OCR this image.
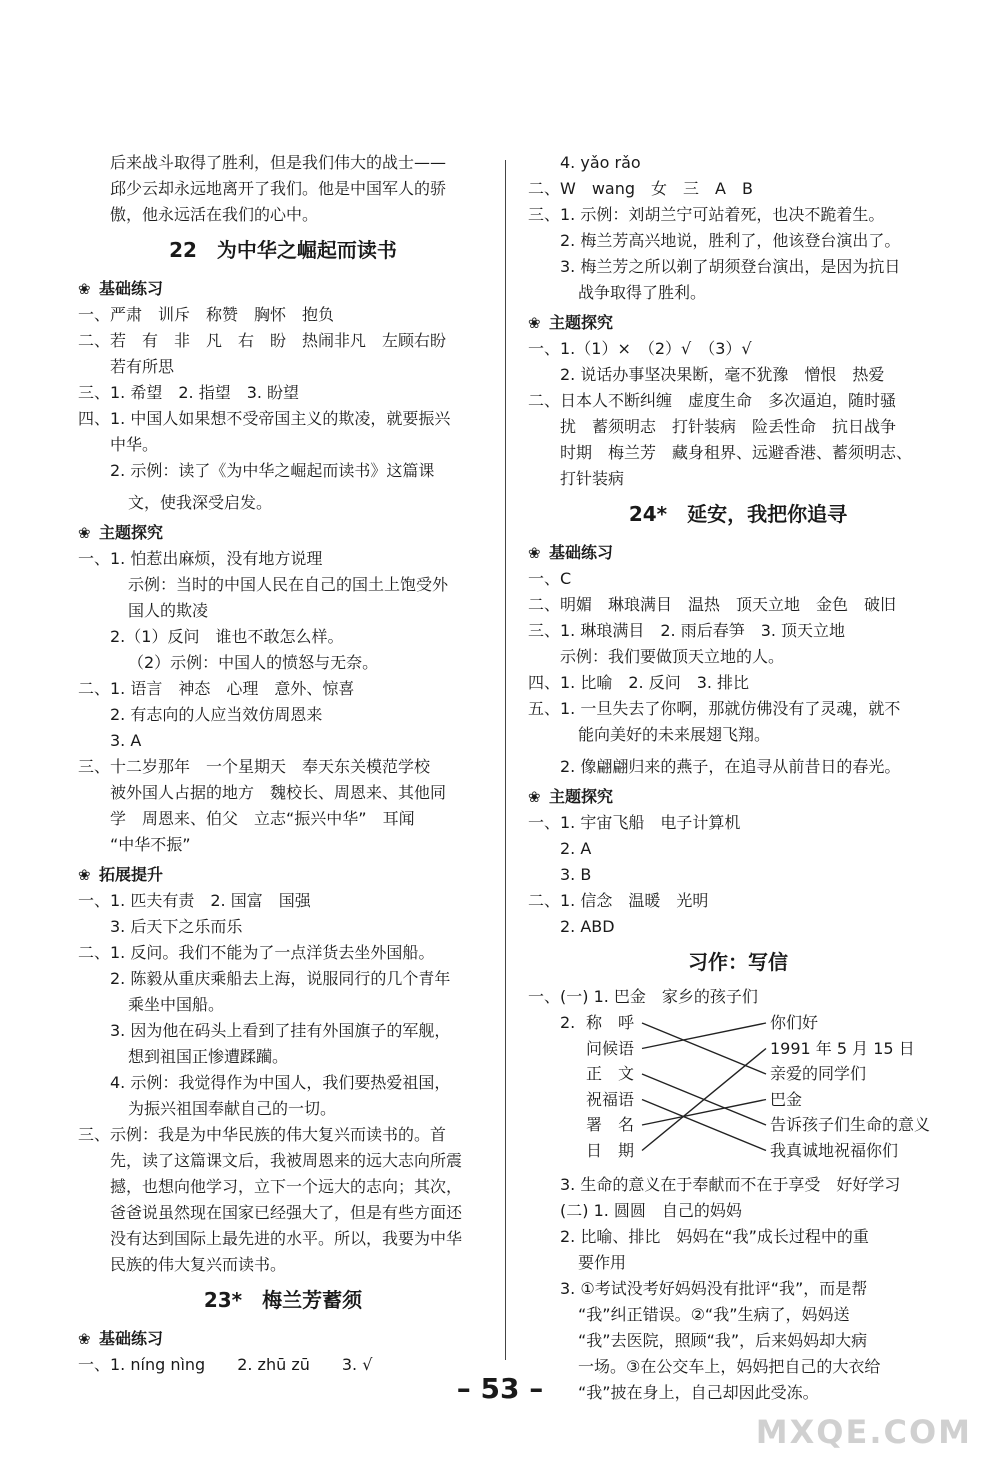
后来战斗取得了胜利，但是我们伟大的战士——
邱少云却永远地离开了我们。他是中国军人的骄
傲，他永远活在我们的心中。
22　为中华之崛起而读书
❀ 基础练习
一、严肃　训斥　称赞　胸怀　抱负
二、若　有　非　凡　右　盼　热闹非凡　左顾右盼
若有所思
三、1. 希望　2. 指望　3. 盼望
四、1. 中国人如果想不受帝国主义的欺凌，就要振兴
中华。
2. 示例：读了《为中华之崛起而读书》这篇课
文，使我深受启发。
❀ 主题探究
一、1. 怕惹出麻烦，没有地方说理
示例：当时的中国人民在自己的国土上饱受外
国人的欺凌
2.（1）反问　谁也不敢怎么样。
（2）示例：中国人的愤怒与无奈。
二、1. 语言　神态　心理　意外、惊喜
2. 有志向的人应当效仿周恩来
3. A
三、十二岁那年　一个星期天　奉天东关模范学校
被外国人占据的地方　魏校长、周恩来、其他同
学　周恩来、伯父　立志“振兴中华”　耳闻
“中华不振”
❀ 拓展提升
一、1. 匹夫有责　2. 国富　国强
3. 后天下之乐而乐
二、1. 反问。我们不能为了一点洋货去坐外国船。
2. 陈毅从重庆乘船去上海，说服同行的几个青年
乘坐中国船。
3. 因为他在码头上看到了挂有外国旗子的军舰，
想到祖国正惨遭蹂躏。
4. 示例：我觉得作为中国人，我们要热爱祖国，
为振兴祖国奉献自己的一切。
三、示例：我是为中华民族的伟大复兴而读书的。首
先，读了这篇课文后，我被周恩来的远大志向所震
撼，也想向他学习，立下一个远大的志向；其次，
爸爸说虽然现在国家已经强大了，但是有些方面还
没有达到国际上最先进的水平。所以，我要为中华
民族的伟大复兴而读书。
23*　梅兰芳蓄须
❀ 基础练习
一、1. níng nìng　　2. zhū zū　　3. √
4. yǎo rǎo
二、W　wang　女　三　A　B
三、1. 示例：刘胡兰宁可站着死，也决不跪着生。
2. 梅兰芳高兴地说，胜利了，他该登台演出了。
3. 梅兰芳之所以剃了胡须登台演出，是因为抗日
战争取得了胜利。
❀ 主题探究
一、1.（1）×　（2）√　（3）√
2. 说话办事坚决果断，毫不犹豫　憎恨　热爱
二、日本人不断纠缠　虚度生命　多次逼迫，随时骚
扰　蓄须明志　打针装病　险丢性命　抗日战争
时期　梅兰芳　藏身租界、远避香港、蓄须明志、
打针装病
24*　延安，我把你追寻
❀ 基础练习
一、C
二、明媚　琳琅满目　温热　顶天立地　金色　破旧
三、1. 琳琅满目　2. 雨后春笋　3. 顶天立地
示例：我们要做顶天立地的人。
四、1. 比喻　2. 反问　3. 排比
五、1. 一旦失去了你啊，那就仿佛没有了灵魂，就不
能向美好的未来展翅飞翔。
2. 像翩翩归来的燕子，在追寻从前昔日的春光。
❀ 主题探究
一、1. 宇宙飞船　电子计算机
2. A
3. B
二、1. 信念　温暖　光明
2. ABD
习作：写信
一、(一) 1. 巴金　家乡的孩子们
2. 称　呼
问候语
正　文
祝福语
署　名
日　期
你们好
1991 年 5 月 15 日
亲爱的同学们
巴金
告诉孩子们生命的意义
我真诚地祝福你们
3. 生命的意义在于奉献而不在于享受　好好学习
(二) 1. 圆圆　自己的妈妈
2. 比喻、排比　妈妈在“我”成长过程中的重
要作用
3. ①考试没考好妈妈没有批评“我”，而是帮
“我”纠正错误。②“我”生病了，妈妈送
“我”去医院，照顾“我”，后来妈妈却大病
一场。③在公交车上，妈妈把自己的大衣给
“我”披在身上，自己却因此受冻。
– 53 –
MXQE.COM
